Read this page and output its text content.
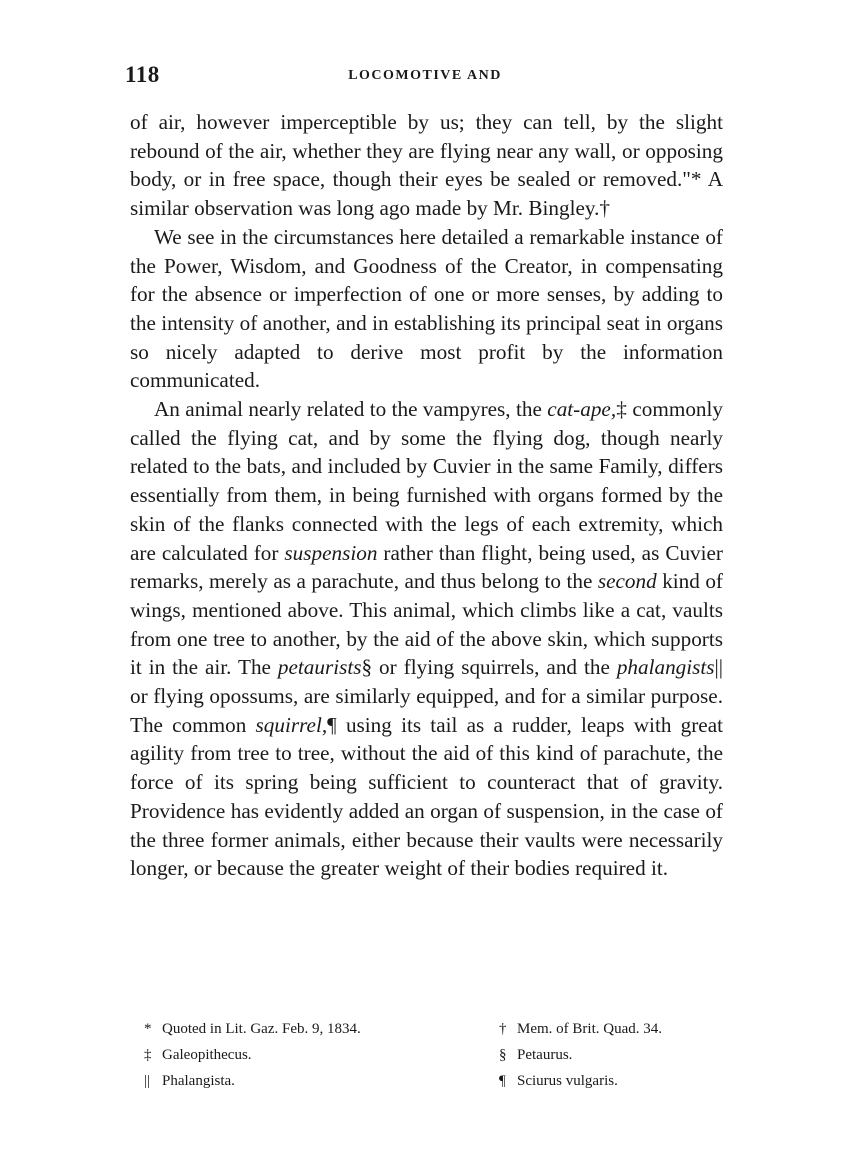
118	LOCOMOTIVE AND

of air, however imperceptible by us; they can tell, by the slight rebound of the air, whether they are flying near any wall, or opposing body, or in free space, though their eyes be sealed or removed."* A similar observation was long ago made by Mr. Bingley.†

We see in the circumstances here detailed a remarkable instance of the Power, Wisdom, and Goodness of the Creator, in compensating for the absence or imperfection of one or more senses, by adding to the intensity of another, and in establishing its principal seat in organs so nicely adapted to derive most profit by the information communicated.

An animal nearly related to the vampyres, the cat-ape,‡ commonly called the flying cat, and by some the flying dog, though nearly related to the bats, and included by Cuvier in the same Family, differs essentially from them, in being furnished with organs formed by the skin of the flanks connected with the legs of each extremity, which are calculated for suspension rather than flight, being used, as Cuvier remarks, merely as a parachute, and thus belong to the second kind of wings, mentioned above. This animal, which climbs like a cat, vaults from one tree to another, by the aid of the above skin, which supports it in the air. The petaurists§ or flying squirrels, and the phalangists|| or flying opossums, are similarly equipped, and for a similar purpose. The common squirrel,¶ using its tail as a rudder, leaps with great agility from tree to tree, without the aid of this kind of parachute, the force of its spring being sufficient to counteract that of gravity. Providence has evidently added an organ of suspension, in the case of the three former animals, either because their vaults were necessarily longer, or because the greater weight of their bodies required it.

* Quoted in Lit. Gaz. Feb. 9, 1834.	† Mem. of Brit. Quad. 34.
‡ Galeopithecus.	§ Petaurus.
|| Phalangista.	¶ Sciurus vulgaris.
